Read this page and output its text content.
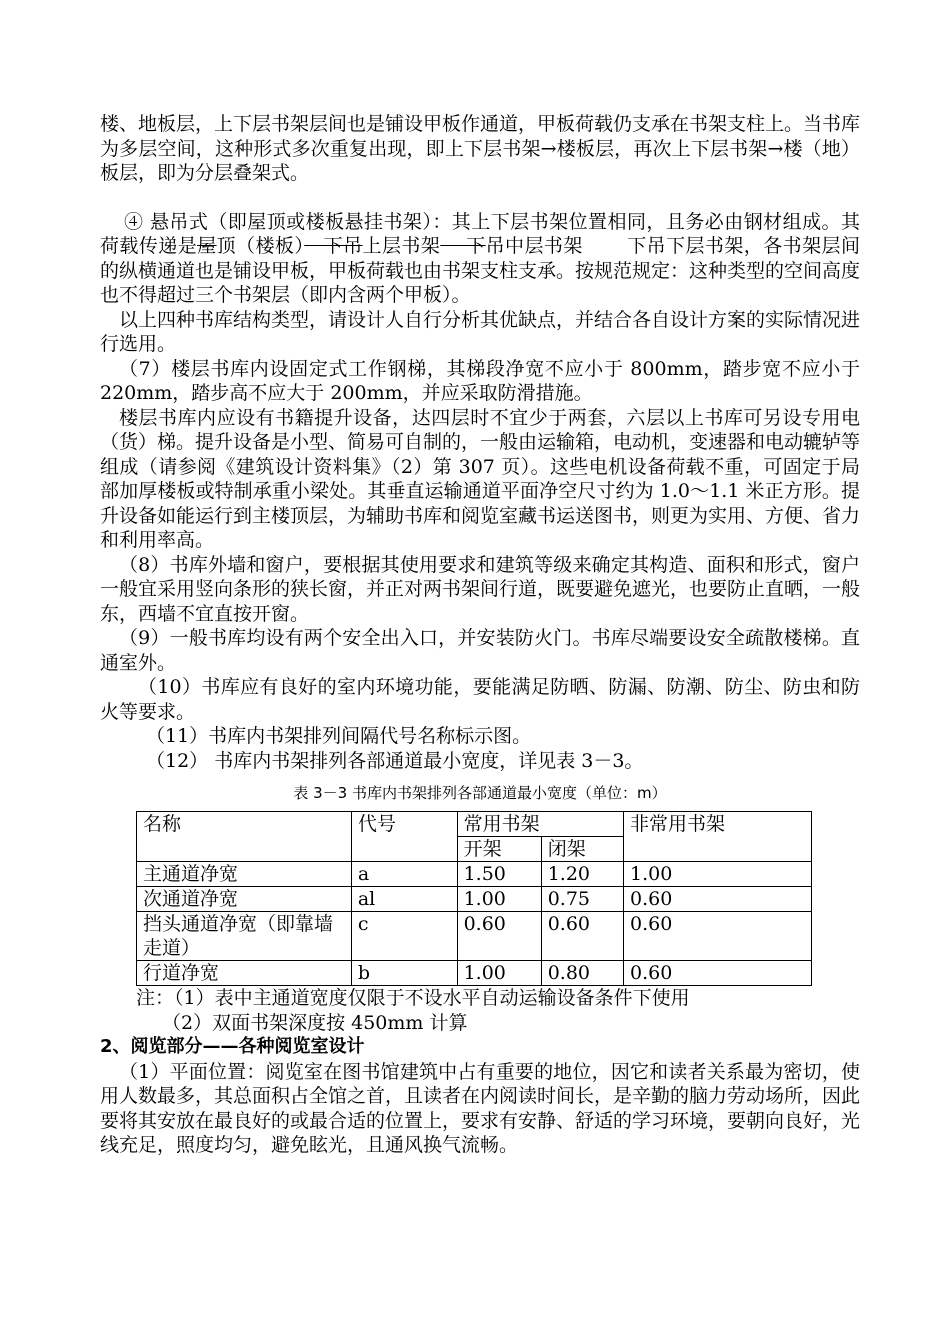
楼、地板层，上下层书架层间也是铺设甲板作通道，甲板荷载仍支承在书架支柱上。当书库为多层空间，这种形式多次重复出现，即上下层书架→楼板层，再次上下层书架→楼（地）板层，即为分层叠架式。

④ 悬吊式（即屋顶或楼板悬挂书架）：其上下层书架位置相同，且务必由钢材组成。其荷载传递是屋顶（楼板）　下吊上层书架　 下吊中层书架 下吊下层书架，各书架层间的纵横通道也是铺设甲板，甲板荷载也由书架支柱支承。按规范规定：这种类型的空间高度也不得超过三个书架层（即内含两个甲板）。

以上四种书库结构类型，请设计人自行分析其优缺点，并结合各自设计方案的实际情况进行选用。

（7）楼层书库内设固定式工作钢梯，其梯段净宽不应小于 800mm，踏步宽不应小于 220mm，踏步高不应大于 200mm，并应采取防滑措施。

楼层书库内应设有书籍提升设备，达四层时不宜少于两套，六层以上书库可另设专用电（货）梯。提升设备是小型、简易可自制的，一般由运输箱，电动机，变速器和电动辘轳等组成（请参阅《建筑设计资料集》（2）第 307 页）。这些电机设备荷载不重，可固定于局部加厚楼板或特制承重小梁处。其垂直运输通道平面净空尺寸约为 1.0～1.1 米正方形。提升设备如能运行到主楼顶层，为辅助书库和阅览室藏书运送图书，则更为实用、方便、省力和利用率高。

（8）书库外墙和窗户，要根据其使用要求和建筑等级来确定其构造、面积和形式，窗户一般宜采用竖向条形的狭长窗，并正对两书架间行道，既要避免遮光，也要防止直晒，一般东，西墙不宜直按开窗。

（9）一般书库均设有两个安全出入口，并安装防火门。书库尽端要设安全疏散楼梯。直通室外。

（10）书库应有良好的室内环境功能，要能满足防晒、防漏、防潮、防尘、防虫和防火等要求。

（11）书库内书架排列间隔代号名称标示图。

（12） 书库内书架排列各部通道最小宽度，详见表 3－3。

表 3－3 书库内书架排列各部通道最小宽度（单位：m）
名称	代号	常用书架		非常用书架
		开架	闭架	
主通道净宽	a	1.50	1.20	1.00
次通道净宽	al	1.00	0.75	0.60
挡头通道净宽（即靠墙走道）	c	0.60	0.60	0.60
行道净宽	b	1.00	0.80	0.60

注：（1）表中主通道宽度仅限于不设水平自动运输设备条件下使用

（2）双面书架深度按 450mm 计算

2、阅览部分——各种阅览室设计

（1）平面位置：阅览室在图书馆建筑中占有重要的地位，因它和读者关系最为密切，使用人数最多，其总面积占全馆之首，且读者在内阅读时间长，是辛勤的脑力劳动场所，因此要将其安放在最良好的或最合适的位置上，要求有安静、舒适的学习环境，要朝向良好，光线充足，照度均匀，避免眩光，且通风换气流畅。
